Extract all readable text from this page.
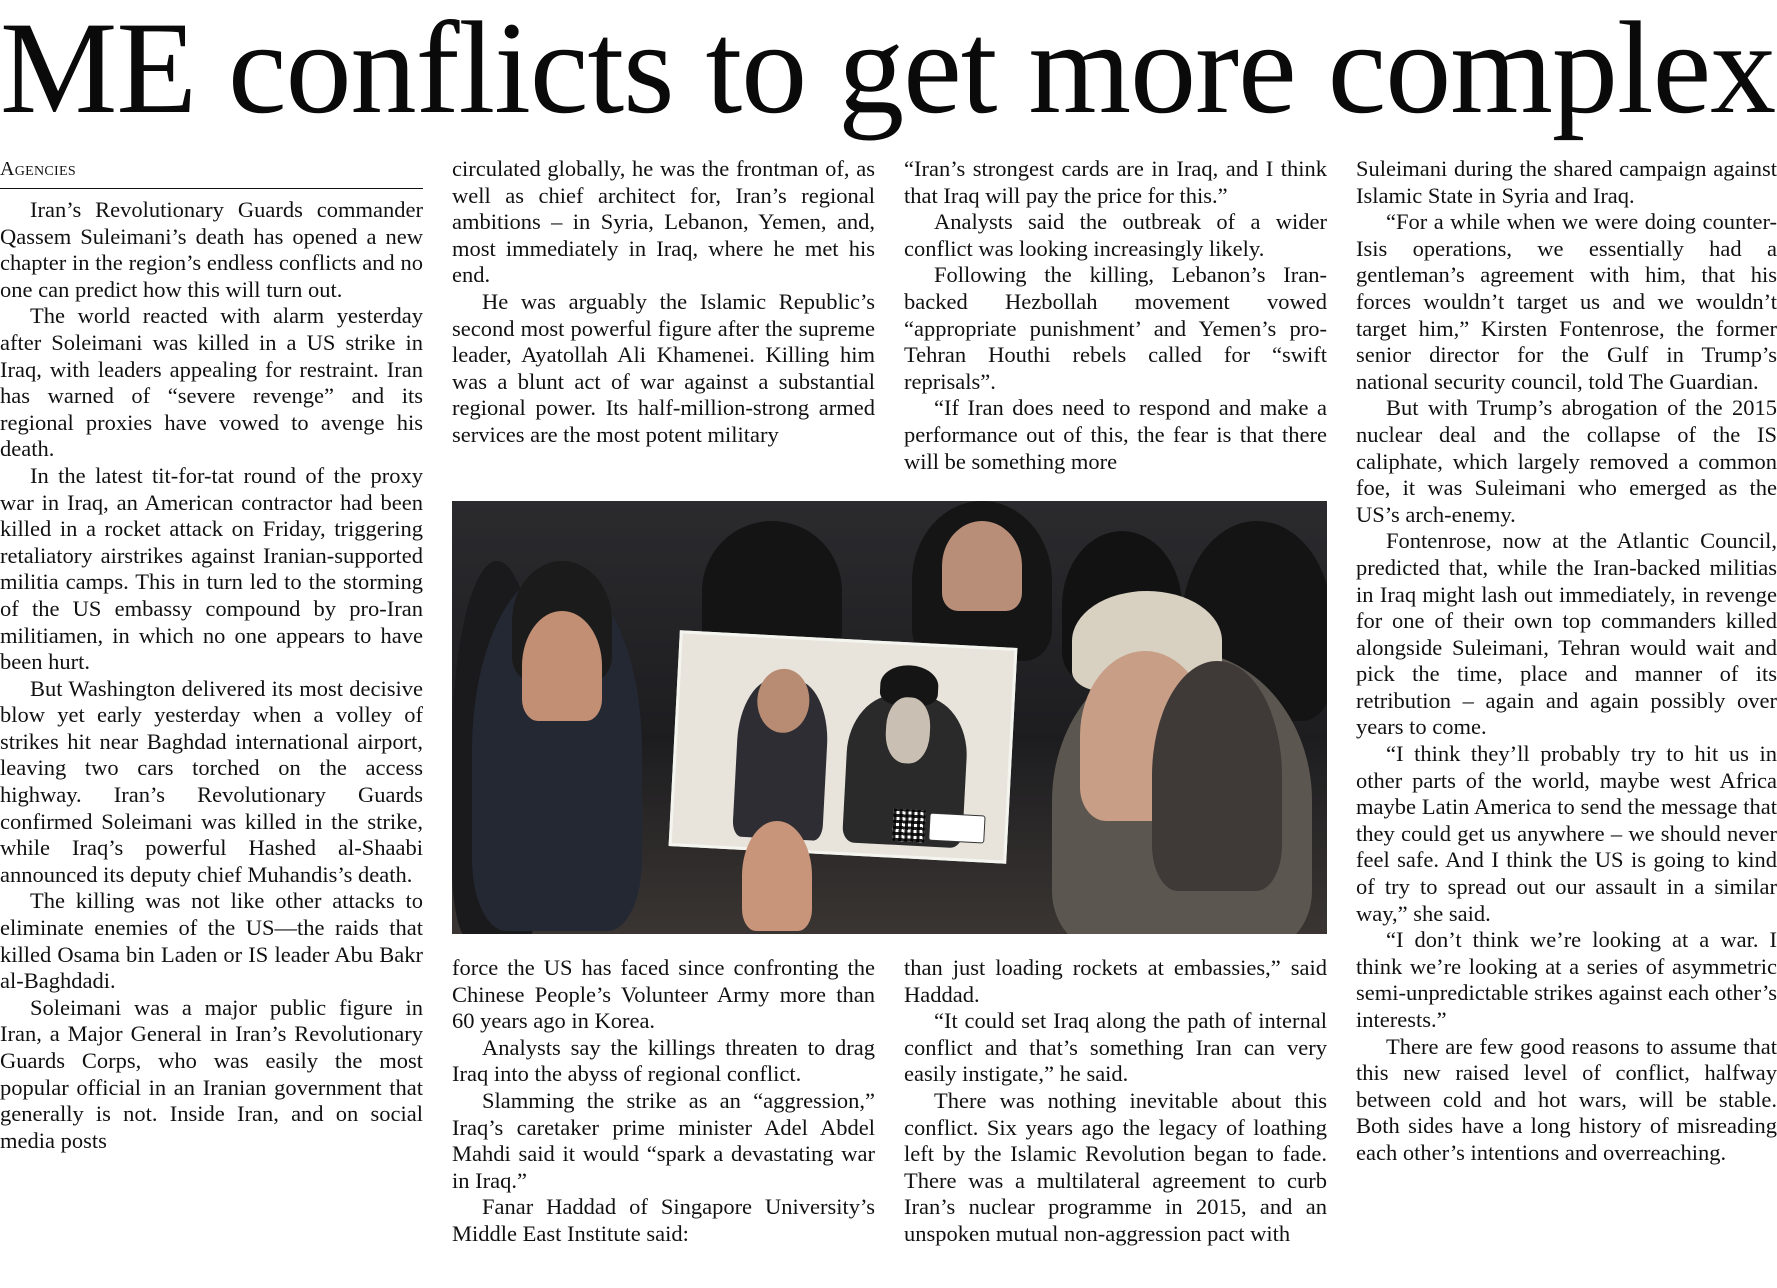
ME conflicts to get more complex
Agencies

Iran’s Revolutionary Guards commander Qassem Suleimani’s death has opened a new chapter in the region’s endless conflicts and no one can predict how this will turn out.

The world reacted with alarm yesterday after Soleimani was killed in a US strike in Iraq, with leaders appealing for restraint. Iran has warned of “severe revenge” and its regional proxies have vowed to avenge his death.

In the latest tit-for-tat round of the proxy war in Iraq, an American contractor had been killed in a rocket attack on Friday, triggering retaliatory airstrikes against Iranian-supported militia camps. This in turn led to the storming of the US embassy compound by pro-Iran militiamen, in which no one appears to have been hurt.

But Washington delivered its most decisive blow yet early yesterday when a volley of strikes hit near Baghdad international airport, leaving two cars torched on the access highway. Iran’s Revolutionary Guards confirmed Soleimani was killed in the strike, while Iraq’s powerful Hashed al-Shaabi announced its deputy chief Muhandis’s death.

The killing was not like other attacks to eliminate enemies of the US—the raids that killed Osama bin Laden or IS leader Abu Bakr al-Baghdadi.

Soleimani was a major public figure in Iran, a Major General in Iran’s Revolutionary Guards Corps, who was easily the most popular official in an Iranian government that generally is not. Inside Iran, and on social media posts

circulated globally, he was the frontman of, as well as chief architect for, Iran’s regional ambitions – in Syria, Lebanon, Yemen, and, most immediately in Iraq, where he met his end.

He was arguably the Islamic Republic’s second most powerful figure after the supreme leader, Ayatollah Ali Khamenei. Killing him was a blunt act of war against a substantial regional power. Its half-million-strong armed services are the most potent military

“Iran’s strongest cards are in Iraq, and I think that Iraq will pay the price for this.”

Analysts said the outbreak of a wider conflict was looking increasingly likely.

Following the killing, Lebanon’s Iran-backed Hezbollah movement vowed “appropriate punishment’ and Yemen’s pro-Tehran Houthi rebels called for “swift reprisals”.

“If Iran does need to respond and make a performance out of this, the fear is that there will be something more

force the US has faced since confronting the Chinese People’s Volunteer Army more than 60 years ago in Korea.

Analysts say the killings threaten to drag Iraq into the abyss of regional conflict.

Slamming the strike as an “aggression,” Iraq’s caretaker prime minister Adel Abdel Mahdi said it would “spark a devastating war in Iraq.”

Fanar Haddad of Singapore University’s Middle East Institute said:

than just loading rockets at embassies,” said Haddad.

“It could set Iraq along the path of internal conflict and that’s something Iran can very easily instigate,” he said.

There was nothing inevitable about this conflict. Six years ago the legacy of loathing left by the Islamic Revolution began to fade. There was a multilateral agreement to curb Iran’s nuclear programme in 2015, and an unspoken mutual non-aggression pact with

Suleimani during the shared campaign against Islamic State in Syria and Iraq.

“For a while when we were doing counter-Isis operations, we essentially had a gentleman’s agreement with him, that his forces wouldn’t target us and we wouldn’t target him,” Kirsten Fontenrose, the former senior director for the Gulf in Trump’s national security council, told The Guardian.

But with Trump’s abrogation of the 2015 nuclear deal and the collapse of the IS caliphate, which largely removed a common foe, it was Suleimani who emerged as the US’s arch-enemy.

Fontenrose, now at the Atlantic Council, predicted that, while the Iran-backed militias in Iraq might lash out immediately, in revenge for one of their own top commanders killed alongside Suleimani, Tehran would wait and pick the time, place and manner of its retribution – again and again possibly over years to come.

“I think they’ll probably try to hit us in other parts of the world, maybe west Africa maybe Latin America to send the message that they could get us anywhere – we should never feel safe. And I think the US is going to kind of try to spread out our assault in a similar way,” she said.

“I don’t think we’re looking at a war. I think we’re looking at a series of asymmetric semi-unpredictable strikes against each other’s interests.”

There are few good reasons to assume that this new raised level of conflict, halfway between cold and hot wars, will be stable. Both sides have a long history of misreading each other’s intentions and overreaching.
